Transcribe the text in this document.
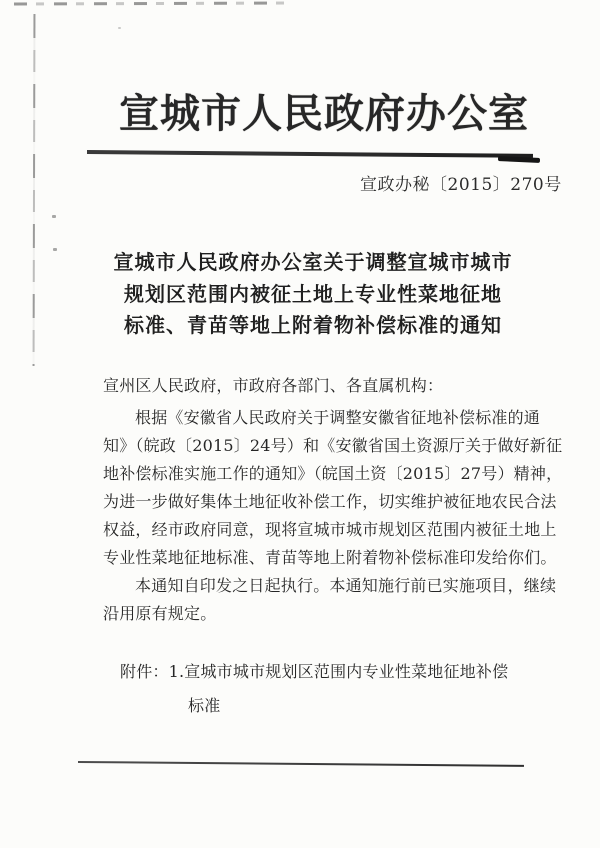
宣城市人民政府办公室
宣政办秘〔2015〕270号
宣城市人民政府办公室关于调整宣城市城市
规划区范围内被征土地上专业性菜地征地
标准、青苗等地上附着物补偿标准的通知
宣州区人民政府，市政府各部门、各直属机构：
根据《安徽省人民政府关于调整安徽省征地补偿标准的通
知》（皖政〔2015〕24号）和《安徽省国土资源厅关于做好新征
地补偿标准实施工作的通知》（皖国土资〔2015〕27号）精神，
为进一步做好集体土地征收补偿工作，切实维护被征地农民合法
权益，经市政府同意，现将宣城市城市规划区范围内被征土地上
专业性菜地征地标准、青苗等地上附着物补偿标准印发给你们。
本通知自印发之日起执行。本通知施行前已实施项目，继续
沿用原有规定。
附件：1.宣城市城市规划区范围内专业性菜地征地补偿
标准
